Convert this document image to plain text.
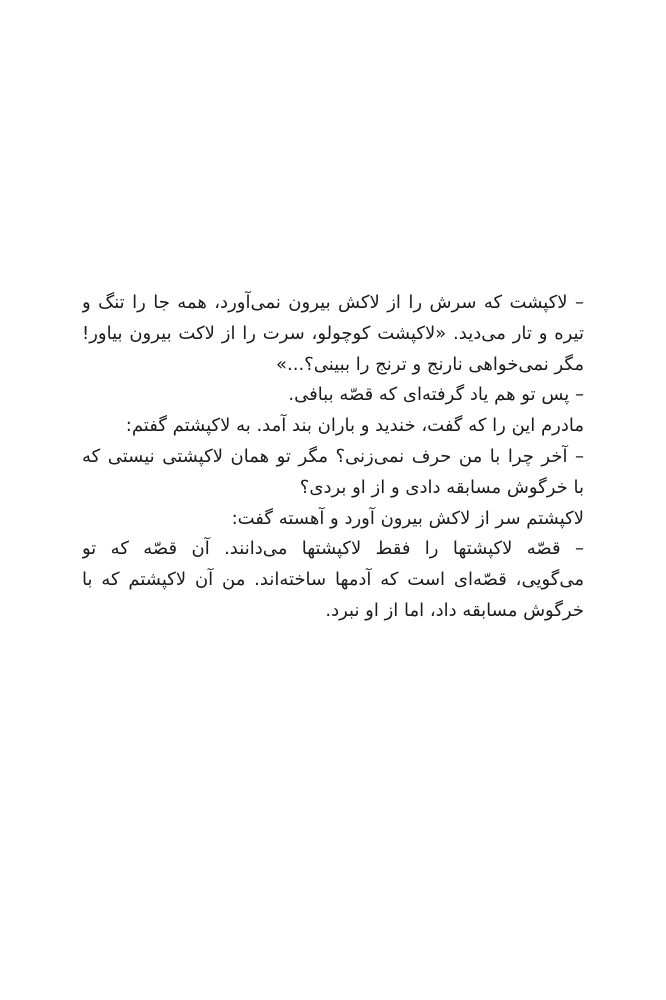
– لاکپشت که سرش را از لاکش بیرون نمی‌آورد، همه جا را تنگ و
تیره و تار می‌دید. «لاکپشت کوچولو، سرت را از لاکت بیرون بیاور!
مگر نمی‌خواهی نارنج و ترنج را ببینی؟...»
– پس تو هم یاد گرفته‌ای که قصّه ببافی.
مادرم این را که گفت، خندید و باران بند آمد. به لاکپشتم گفتم:
– آخر چرا با من حرف نمی‌زنی؟ مگر تو همان لاکپشتی نیستی که
با خرگوش مسابقه دادی و از او بردی؟
لاکپشتم سر از لاکش بیرون آورد و آهسته گفت:
– قصّه لاکپشتها را فقط لاکپشتها می‌دانند. آن قصّه که تو
می‌گویی، قصّه‌ای است که آدمها ساخته‌اند. من آن لاکپشتم که با
خرگوش مسابقه داد، اما از او نبرد.
